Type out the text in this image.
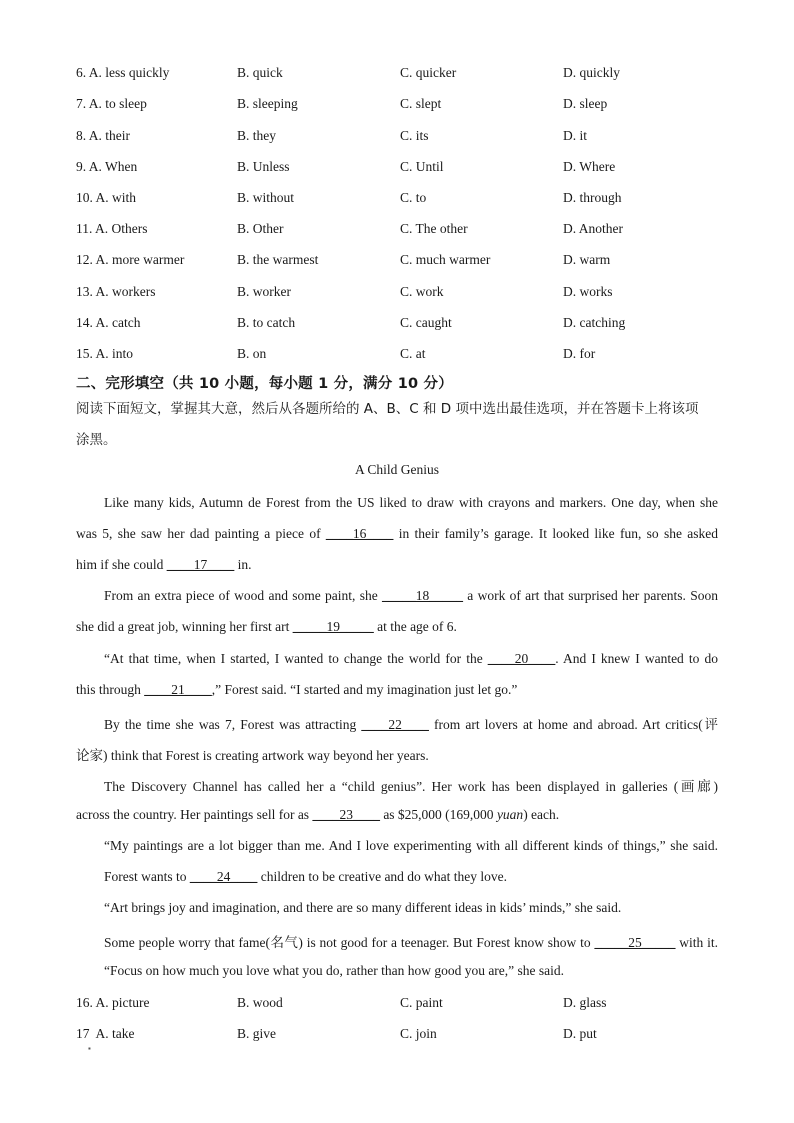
6. A. less quickly	B. quick	C. quicker	D. quickly
7. A. to sleep	B. sleeping	C. slept	D. sleep
8. A. their	B. they	C. its	D. it
9. A. When	B. Unless	C. Until	D. Where
10. A. with	B. without	C. to	D. through
11. A. Others	B. Other	C. The other	D. Another
12. A. more warmer	B. the warmest	C. much warmer	D. warm
13. A. workers	B. worker	C. work	D. works
14. A. catch	B. to catch	C. caught	D. catching
15. A. into	B. on	C. at	D. for
二、完形填空（共 10 小题，每小题 1 分，满分 10 分）
阅读下面短文，掌握其大意，然后从各题所给的 A、B、C 和 D 项中选出最佳选项，并在答题卡上将该项
涂黑。
A Child Genius
Like many kids, Autumn de Forest from the US liked to draw with crayons and markers. One day, when she
was 5, she saw her dad painting a piece of ____16____ in their family’s garage. It looked like fun, so she asked
him if she could ____17____ in.
From an extra piece of wood and some paint, she _____18_____ a work of art that surprised her parents. Soon
she did a great job, winning her first art _____19_____ at the age of 6.
“At that time, when I started, I wanted to change the world for the ____20____. And I knew I wanted to do
this through ____21____,” Forest said. “I started and my imagination just let go.”
By the time she was 7, Forest was attracting ____22____ from art lovers at home and abroad. Art critics(评
论家) think that Forest is creating artwork way beyond her years.
The Discovery Channel has called her a “child genius”. Her work has been displayed in galleries (画廊)
across the country. Her paintings sell for as ____23____ as $25,000 (169,000 yuan) each.
“My paintings are a lot bigger than me. And I love experimenting with all different kinds of things,” she said.
Forest wants to ____24____ children to be creative and do what they love.
“Art brings joy and imagination, and there are so many different ideas in kids’ minds,” she said.
Some people worry that fame(名气) is not good for a teenager. But Forest know show to _____25_____ with it.
“Focus on how much you love what you do, rather than how good you are,” she said.
16. A. picture	B. wood	C. paint	D. glass
17  A. take	B. give	C. join	D. put
▪
